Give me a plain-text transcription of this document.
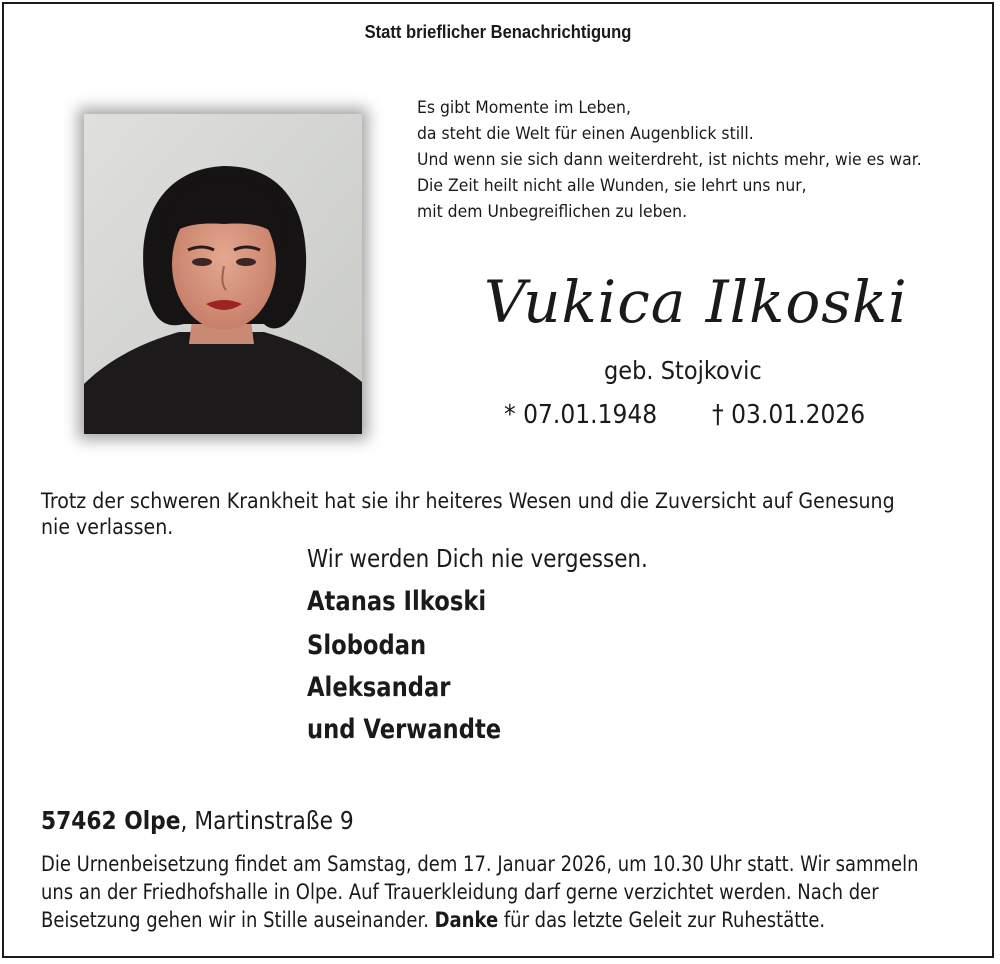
Statt brieflicher Benachrichtigung
Es gibt Momente im Leben,
da steht die Welt für einen Augenblick still.
Und wenn sie sich dann weiterdreht, ist nichts mehr, wie es war.
Die Zeit heilt nicht alle Wunden, sie lehrt uns nur,
mit dem Unbegreiflichen zu leben.
Vukica Ilkoski
geb. Stojkovic
* 07.01.1948 † 03.01.2026
Trotz der schweren Krankheit hat sie ihr heiteres Wesen und die Zuversicht auf Genesung
nie verlassen.
Wir werden Dich nie vergessen.
Atanas Ilkoski
Slobodan
Aleksandar
und Verwandte
57462 Olpe, Martinstraße 9
Die Urnenbeisetzung findet am Samstag, dem 17. Januar 2026, um 10.30 Uhr statt. Wir sammeln
uns an der Friedhofshalle in Olpe. Auf Trauerkleidung darf gerne verzichtet werden. Nach der
Beisetzung gehen wir in Stille auseinander. Danke für das letzte Geleit zur Ruhestätte.
